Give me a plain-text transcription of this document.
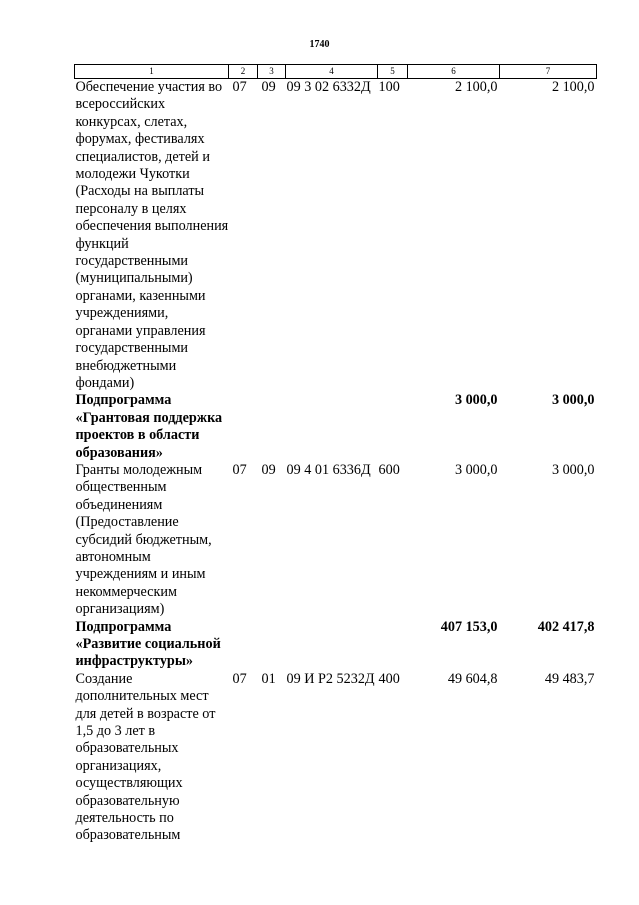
1740
1	2	3	4	5	6	7
Обеспечение участия во всероссийских конкурсах, слетах, форумах, фестивалях специалистов, детей и молодежи Чукотки (Расходы на выплаты персоналу в целях обеспечения выполнения функций государственными (муниципальными) органами, казенными учреждениями, органами управления государственными внебюджетными фондами)	07	09	09 3 02 6332Д	100	2 100,0	2 100,0
Подпрограмма «Грантовая поддержка проектов в области образования»					3 000,0	3 000,0
Гранты молодежным общественным объединениям (Предоставление субсидий бюджетным, автономным учреждениям и иным некоммерческим организациям)	07	09	09 4 01 6336Д	600	3 000,0	3 000,0
Подпрограмма «Развитие социальной инфраструктуры»					407 153,0	402 417,8
Создание дополнительных мест для детей в возрасте от 1,5 до 3 лет в образовательных организациях, осуществляющих образовательную деятельность по образовательным	07	01	09 И Р2 5232Д	400	49 604,8	49 483,7
